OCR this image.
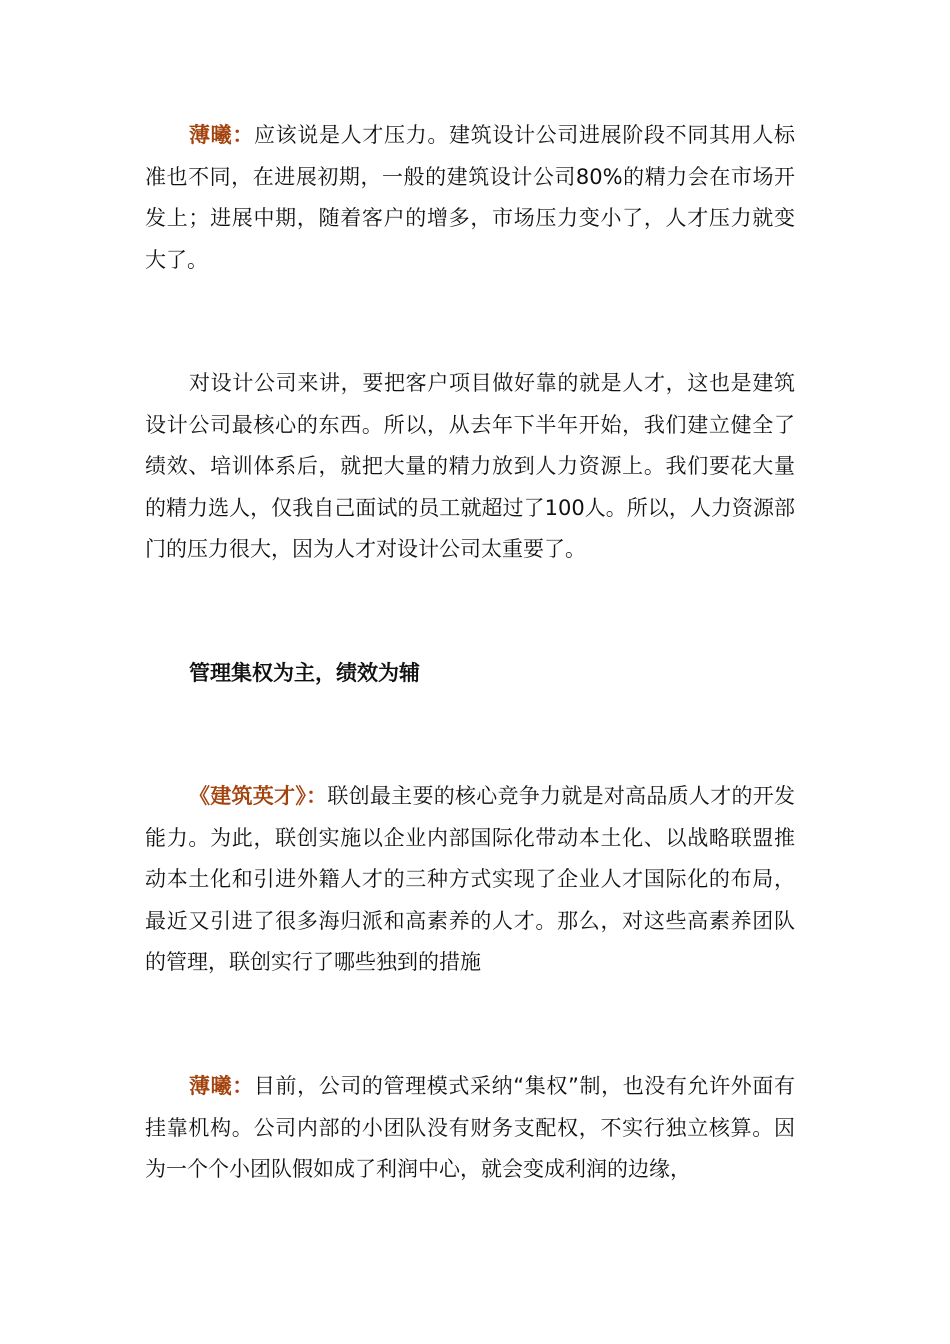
薄曦：应该说是人才压力。建筑设计公司进展阶段不同其用人标准也不同，在进展初期，一般的建筑设计公司80%的精力会在市场开发上；进展中期，随着客户的增多，市场压力变小了，人才压力就变大了。

对设计公司来讲，要把客户项目做好靠的就是人才，这也是建筑设计公司最核心的东西。所以，从去年下半年开始，我们建立健全了绩效、培训体系后，就把大量的精力放到人力资源上。我们要花大量的精力选人，仅我自己面试的员工就超过了100人。所以，人力资源部门的压力很大，因为人才对设计公司太重要了。

管理集权为主，绩效为辅

《建筑英才》：联创最主要的核心竞争力就是对高品质人才的开发能力。为此，联创实施以企业内部国际化带动本土化、以战略联盟推动本土化和引进外籍人才的三种方式实现了企业人才国际化的布局，最近又引进了很多海归派和高素养的人才。那么，对这些高素养团队的管理，联创实行了哪些独到的措施

薄曦：目前，公司的管理模式采纳“集权”制，也没有允许外面有挂靠机构。公司内部的小团队没有财务支配权，不实行独立核算。因为一个个小团队假如成了利润中心，就会变成利润的边缘，
